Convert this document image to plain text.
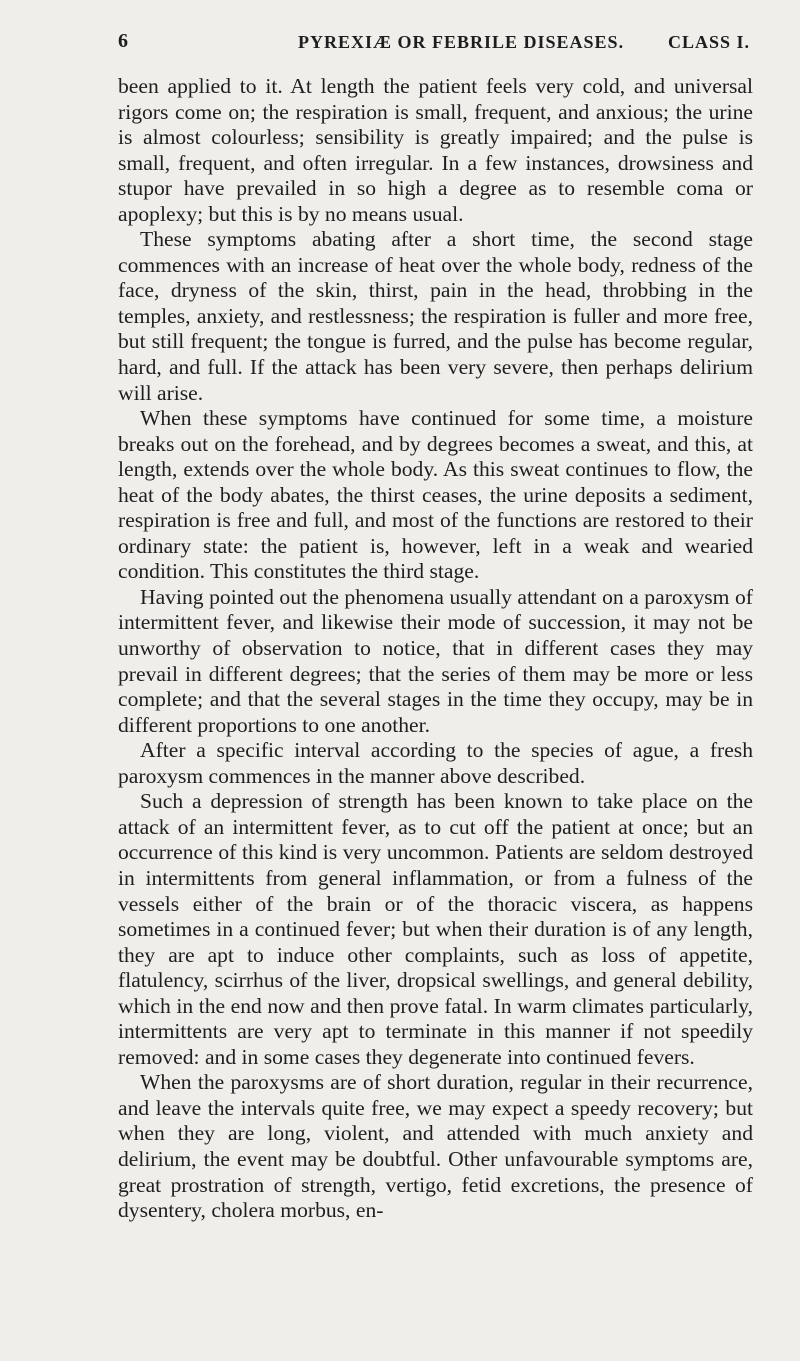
6	PYREXIÆ OR FEBRILE DISEASES. CLASS I.

been applied to it. At length the patient feels very cold, and universal rigors come on; the respiration is small, frequent, and anxious; the urine is almost colourless; sensibility is greatly impaired; and the pulse is small, frequent, and often irregular. In a few instances, drowsiness and stupor have prevailed in so high a degree as to resemble coma or apoplexy; but this is by no means usual.

These symptoms abating after a short time, the second stage commences with an increase of heat over the whole body, redness of the face, dryness of the skin, thirst, pain in the head, throbbing in the temples, anxiety, and restlessness; the respiration is fuller and more free, but still frequent; the tongue is furred, and the pulse has become regular, hard, and full. If the attack has been very severe, then perhaps delirium will arise.

When these symptoms have continued for some time, a moisture breaks out on the forehead, and by degrees becomes a sweat, and this, at length, extends over the whole body. As this sweat continues to flow, the heat of the body abates, the thirst ceases, the urine deposits a sediment, respiration is free and full, and most of the functions are restored to their ordinary state: the patient is, however, left in a weak and wearied condition. This constitutes the third stage.

Having pointed out the phenomena usually attendant on a paroxysm of intermittent fever, and likewise their mode of succession, it may not be unworthy of observation to notice, that in different cases they may prevail in different degrees; that the series of them may be more or less complete; and that the several stages in the time they occupy, may be in different proportions to one another.

After a specific interval according to the species of ague, a fresh paroxysm commences in the manner above described.

Such a depression of strength has been known to take place on the attack of an intermittent fever, as to cut off the patient at once; but an occurrence of this kind is very uncommon. Patients are seldom destroyed in intermittents from general inflammation, or from a fulness of the vessels either of the brain or of the thoracic viscera, as happens sometimes in a continued fever; but when their duration is of any length, they are apt to induce other complaints, such as loss of appetite, flatulency, scirrhus of the liver, dropsical swellings, and general debility, which in the end now and then prove fatal. In warm climates particularly, intermittents are very apt to terminate in this manner if not speedily removed: and in some cases they degenerate into continued fevers.

When the paroxysms are of short duration, regular in their recurrence, and leave the intervals quite free, we may expect a speedy recovery; but when they are long, violent, and attended with much anxiety and delirium, the event may be doubtful. Other unfavourable symptoms are, great prostration of strength, vertigo, fetid excretions, the presence of dysentery, cholera morbus, en-
